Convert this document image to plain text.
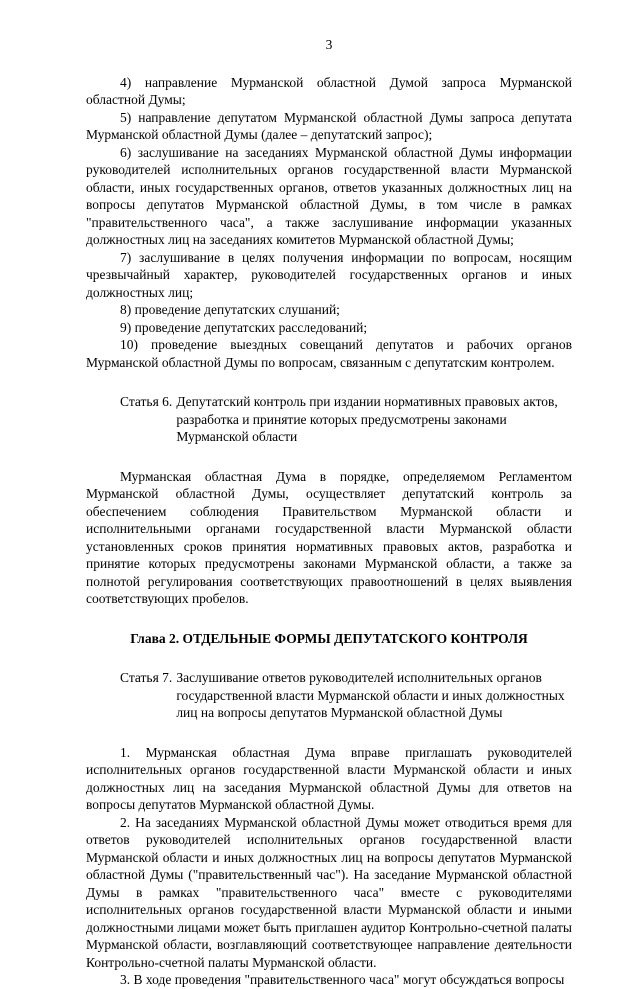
3

4) направление Мурманской областной Думой запроса Мурманской областной Думы;

5) направление депутатом Мурманской областной Думы запроса депутата Мурманской областной Думы (далее – депутатский запрос);

6) заслушивание на заседаниях Мурманской областной Думы информации руководителей исполнительных органов государственной власти Мурманской области, иных государственных органов, ответов указанных должностных лиц на вопросы депутатов Мурманской областной Думы, в том числе в рамках "правительственного часа", а также заслушивание информации указанных должностных лиц на заседаниях комитетов Мурманской областной Думы;

7) заслушивание в целях получения информации по вопросам, носящим чрезвычайный характер, руководителей государственных органов и иных должностных лиц;

8) проведение депутатских слушаний;

9) проведение депутатских расследований;

10) проведение выездных совещаний депутатов и рабочих органов Мурманской областной Думы по вопросам, связанным с депутатским контролем.

Статья 6. Депутатский контроль при издании нормативных правовых актов, разработка и принятие которых предусмотрены законами Мурманской области

Мурманская областная Дума в порядке, определяемом Регламентом Мурманской областной Думы, осуществляет депутатский контроль за обеспечением соблюдения Правительством Мурманской области и исполнительными органами государственной власти Мурманской области установленных сроков принятия нормативных правовых актов, разработка и принятие которых предусмотрены законами Мурманской области, а также за полнотой регулирования соответствующих правоотношений в целях выявления соответствующих пробелов.

Глава 2. ОТДЕЛЬНЫЕ ФОРМЫ ДЕПУТАТСКОГО КОНТРОЛЯ
Статья 7. Заслушивание ответов руководителей исполнительных органов государственной власти Мурманской области и иных должностных лиц на вопросы депутатов Мурманской областной Думы

1. Мурманская областная Дума вправе приглашать руководителей исполнительных органов государственной власти Мурманской области и иных должностных лиц на заседания Мурманской областной Думы для ответов на вопросы депутатов Мурманской областной Думы.

2. На заседаниях Мурманской областной Думы может отводиться время для ответов руководителей исполнительных органов государственной власти Мурманской области и иных должностных лиц на вопросы депутатов Мурманской областной Думы ("правительственный час"). На заседание Мурманской областной Думы в рамках "правительственного часа" вместе с руководителями исполнительных органов государственной власти Мурманской области и иными должностными лицами может быть приглашен аудитор Контрольно-счетной палаты Мурманской области, возглавляющий соответствующее направление деятельности Контрольно-счетной палаты Мурманской области.

3. В ходе проведения "правительственного часа" могут обсуждаться вопросы
